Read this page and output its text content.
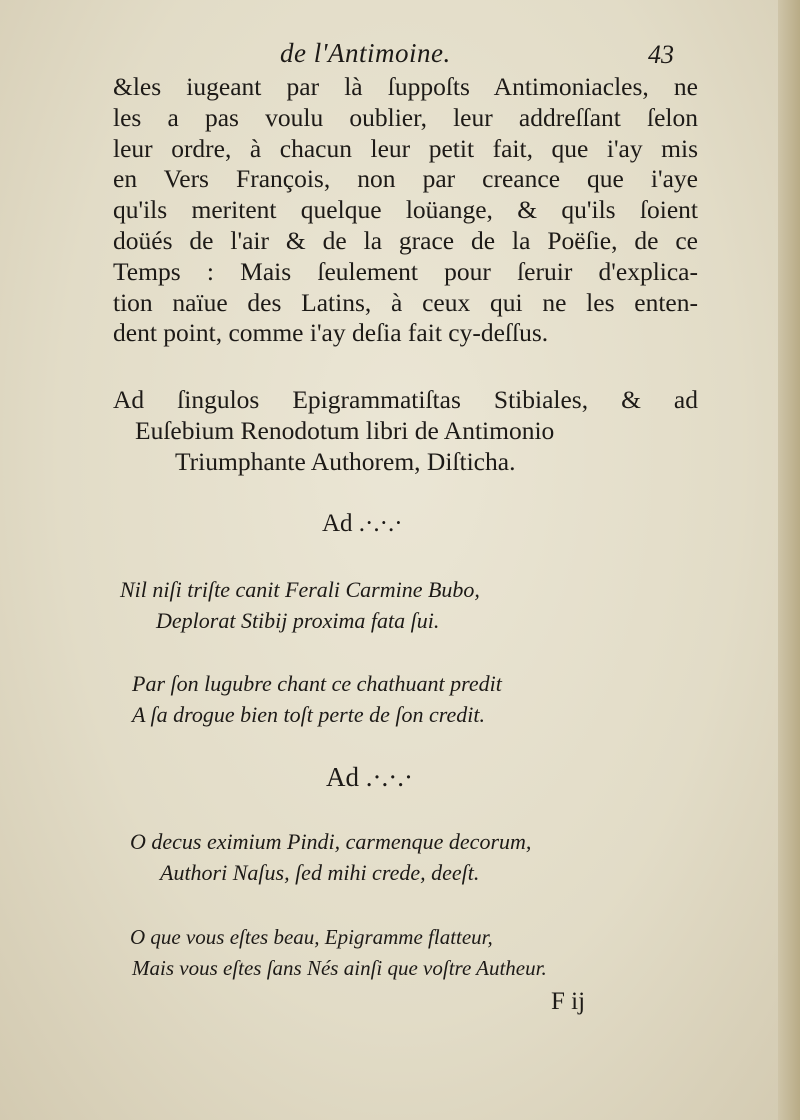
de l'Antimoine.	43
&les iugeant par là ſuppoſts Antimoniacles, ne
les a pas voulu oublier, leur addreſſant ſelon
leur ordre, à chacun leur petit fait, que i'ay mis
en Vers François, non par creance que i'aye
qu'ils meritent quelque loüange, & qu'ils ſoient
doüés de l'air & de la grace de la Poëſie, de ce
Temps : Mais ſeulement pour ſeruir d'explica-
tion naïue des Latins, à ceux qui ne les enten-
dent point, comme i'ay deſia fait cy-deſſus.
Ad ſingulos Epigrammatiſtas Stibiales, & ad
Euſebium Renodotum libri de Antimonio
Triumphante Authorem, Diſticha.
Ad .·.·.·
Nil niſi triſte canit Ferali Carmine Bubo,
Deplorat Stibij proxima fata ſui.
Par ſon lugubre chant ce chathuant predit
A ſa drogue bien toſt perte de ſon credit.
Ad .·.·.·
O decus eximium Pindi, carmenque decorum,
Authori Naſus, ſed mihi crede, deeſt.
O que vous eſtes beau, Epigramme flatteur,
Mais vous eſtes ſans Nés ainſi que voſtre Autheur.
F ij
